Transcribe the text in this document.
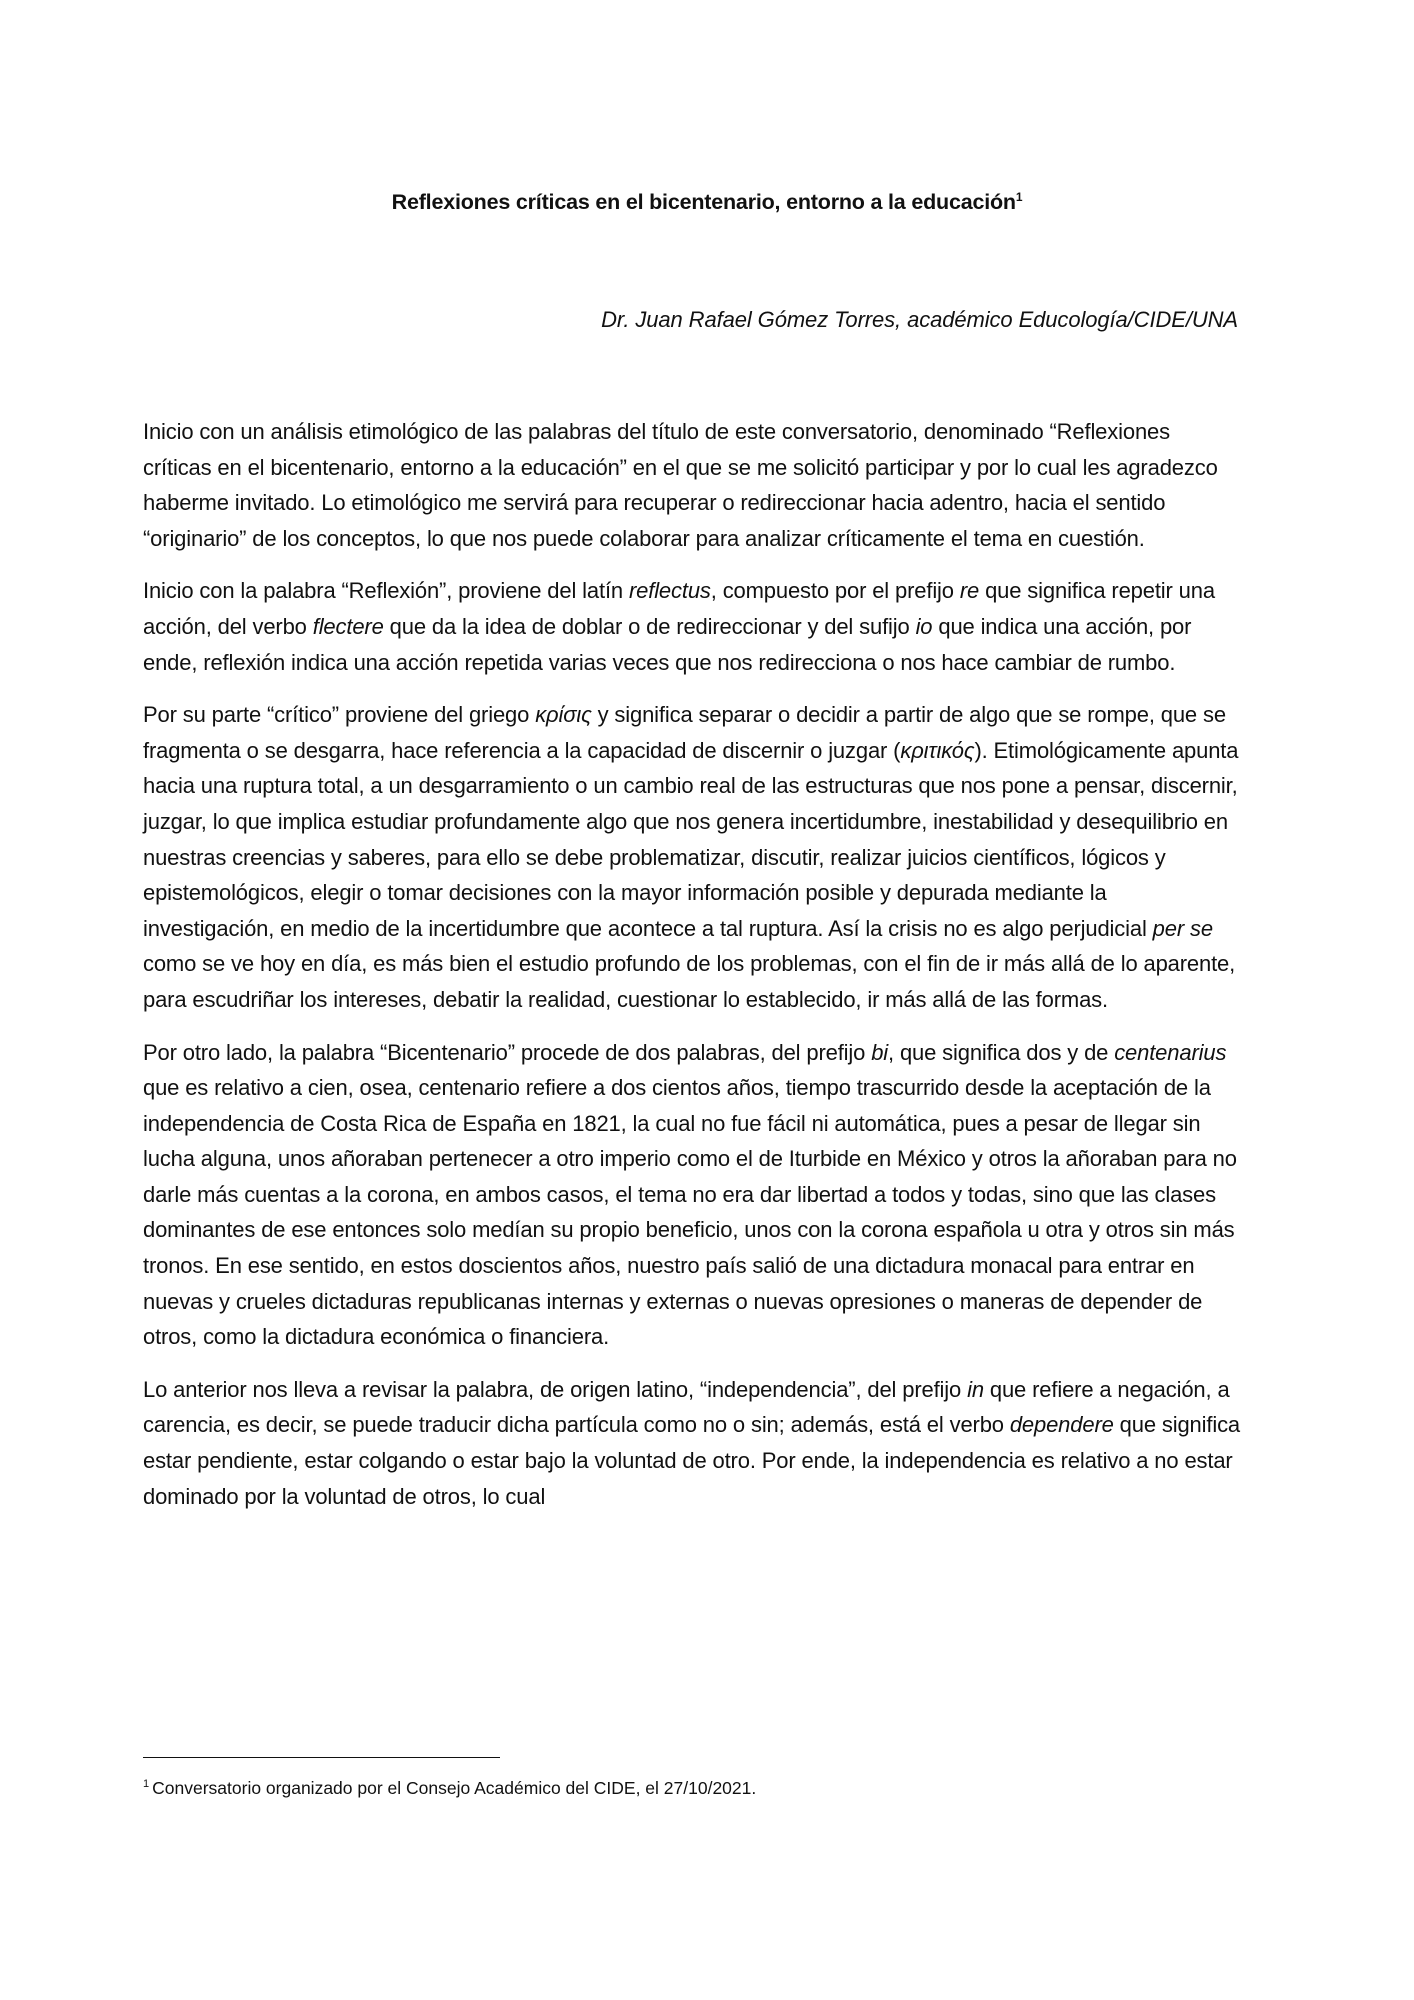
Reflexiones críticas en el bicentenario, entorno a la educación$^1$
Dr. Juan Rafael Gómez Torres, académico Educología/CIDE/UNA

Inicio con un análisis etimológico de las palabras del título de este conversatorio, denominado “Reflexiones críticas en el bicentenario, entorno a la educación” en el que se me solicitó participar y por lo cual les agradezco haberme invitado. Lo etimológico me servirá para recuperar o redireccionar hacia adentro, hacia el sentido “originario” de los conceptos, lo que nos puede colaborar para analizar críticamente el tema en cuestión.

Inicio con la palabra “Reflexión”, proviene del latín reflectus, compuesto por el prefijo re que significa repetir una acción, del verbo flectere que da la idea de doblar o de redireccionar y del sufijo io que indica una acción, por ende, reflexión indica una acción repetida varias veces que nos redirecciona o nos hace cambiar de rumbo.

Por su parte “crítico” proviene del griego κρίσις y significa separar o decidir a partir de algo que se rompe, que se fragmenta o se desgarra, hace referencia a la capacidad de discernir o juzgar (κριτικός). Etimológicamente apunta hacia una ruptura total, a un desgarramiento o un cambio real de las estructuras que nos pone a pensar, discernir, juzgar, lo que implica estudiar profundamente algo que nos genera incertidumbre, inestabilidad y desequilibrio en nuestras creencias y saberes, para ello se debe problematizar, discutir, realizar juicios científicos, lógicos y epistemológicos, elegir o tomar decisiones con la mayor información posible y depurada mediante la investigación, en medio de la incertidumbre que acontece a tal ruptura. Así la crisis no es algo perjudicial per se como se ve hoy en día, es más bien el estudio profundo de los problemas, con el fin de ir más allá de lo aparente, para escudriñar los intereses, debatir la realidad, cuestionar lo establecido, ir más allá de las formas.

Por otro lado, la palabra “Bicentenario” procede de dos palabras, del prefijo bi, que significa dos y de centenarius que es relativo a cien, osea, centenario refiere a dos cientos años, tiempo trascurrido desde la aceptación de la independencia de Costa Rica de España en 1821, la cual no fue fácil ni automática, pues a pesar de llegar sin lucha alguna, unos añoraban pertenecer a otro imperio como el de Iturbide en México y otros la añoraban para no darle más cuentas a la corona, en ambos casos, el tema no era dar libertad a todos y todas, sino que las clases dominantes de ese entonces solo medían su propio beneficio, unos con la corona española u otra y otros sin más tronos. En ese sentido, en estos doscientos años, nuestro país salió de una dictadura monacal para entrar en nuevas y crueles dictaduras republicanas internas y externas o nuevas opresiones o maneras de depender de otros, como la dictadura económica o financiera.

Lo anterior nos lleva a revisar la palabra, de origen latino, “independencia”, del prefijo in que refiere a negación, a carencia, es decir, se puede traducir dicha partícula como no o sin; además, está el verbo dependere que significa estar pendiente, estar colgando o estar bajo la voluntad de otro. Por ende, la independencia es relativo a no estar dominado por la voluntad de otros, lo cual

$^1$ Conversatorio organizado por el Consejo Académico del CIDE, el 27/10/2021.
